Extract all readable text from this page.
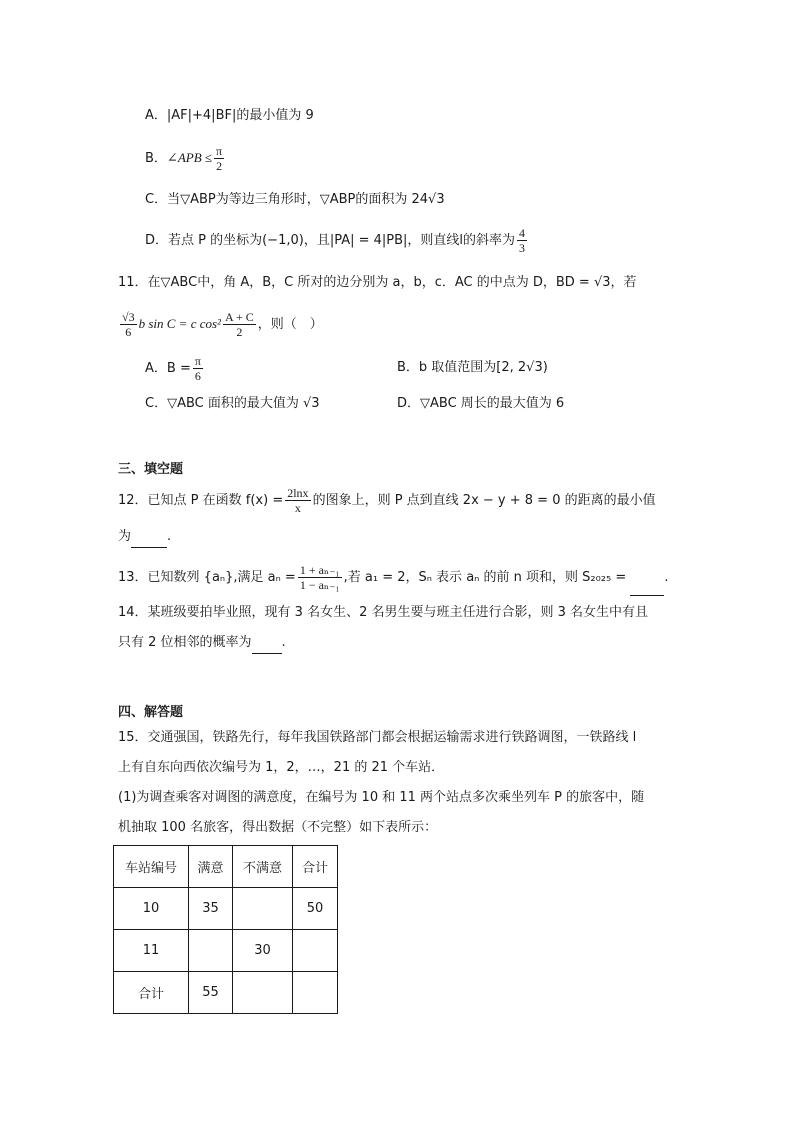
A．|AF|+4|BF|的最小值为 9
B．∠APB ≤ $\frac{\pi}{2}$
C．当▽ABP为等边三角形时，▽ABP的面积为 24√3
D．若点 P 的坐标为(−1,0)，且|PA| = 4|PB|，则直线l的斜率为 $\frac{4}{3}$
11．在▽ABC中，角 A，B，C 所对的边分别为 a，b，c．AC 的中点为 D，BD = √3，若
$\frac{√3}{6}$ b sin C = c $\cos^2 \frac{A + C}{2}$ ，则（　）
A．$B = \frac{\pi}{6}$	B．b 取值范围为[2, 2√3)
C．▽ABC 面积的最大值为 √3	D．▽ABC 周长的最大值为 6
三、填空题
12．已知点 P 在函数 $f(x) = \frac{2\ln x}{x}$ 的图象上，则 P 点到直线 2x − y + 8 = 0 的距离的最小值
为	.
13．已知数列 {aₙ},满足 $a_n = \frac{\text{1 + aₙ₋₁}}{\text{1 − aₙ₋₁}}$ ,若 a₁ = 2，Sₙ 表示 aₙ 的前 n 项和，则 S₂₀₂₅ =	.
14．某班级要拍毕业照，现有 3 名女生、2 名男生要与班主任进行合影，则 3 名女生中有且
只有 2 位相邻的概率为 .
四、解答题
15．交通强国，铁路先行，每年我国铁路部门都会根据运输需求进行铁路调图，一铁路线 l
上有自东向西依次编号为 1，2，…，21 的 21 个车站．
(1)为调查乘客对调图的满意度，在编号为 10 和 11 两个站点多次乘坐列车 P 的旅客中，随
机抽取 100 名旅客，得出数据（不完整）如下表所示：
车站编号	满意	不满意	合计
10	35		50
11		30	
合计	55		
